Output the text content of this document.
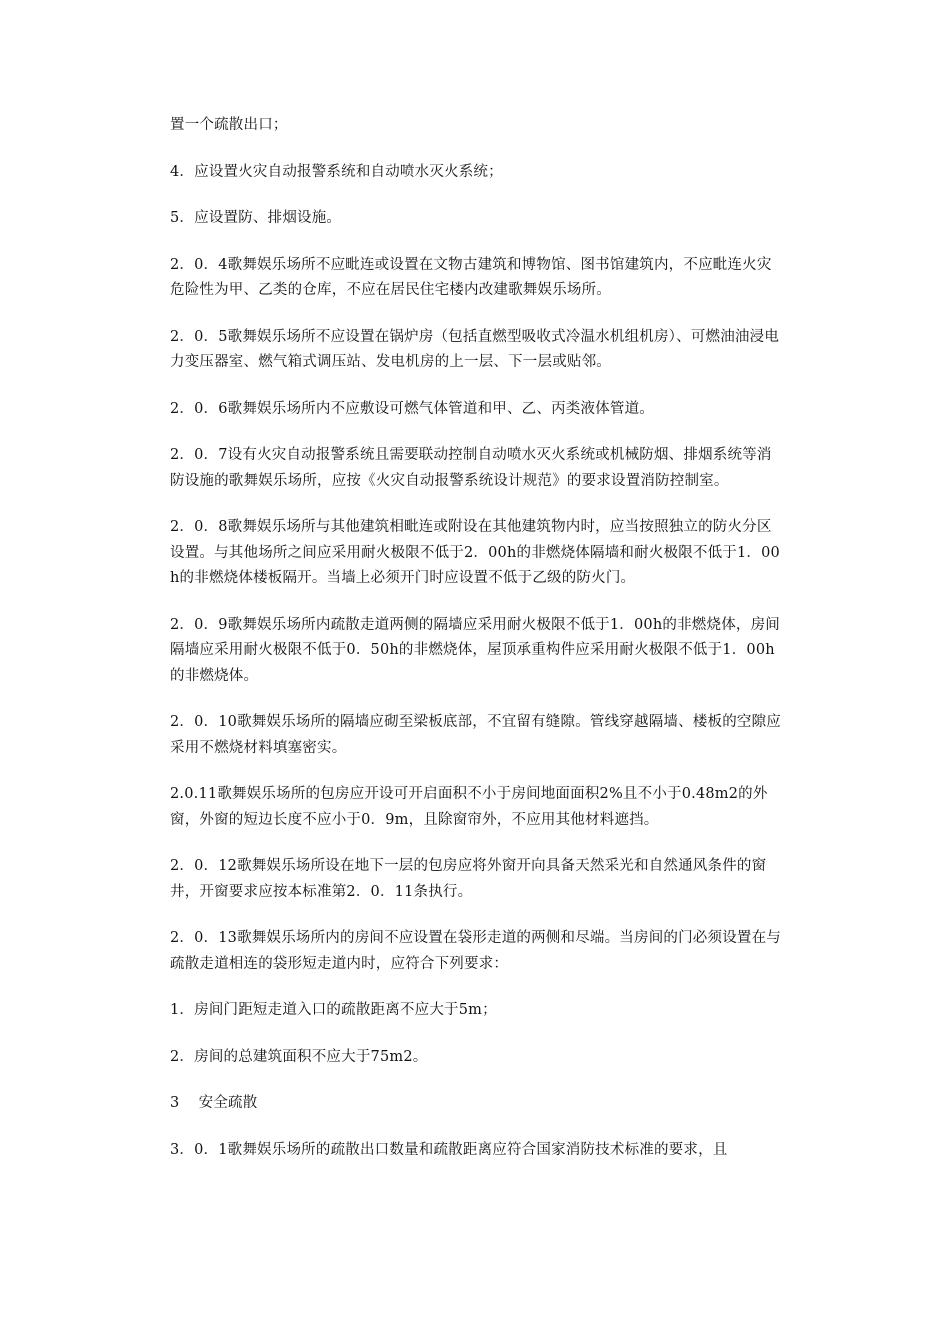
置一个疏散出口；

4．应设置火灾自动报警系统和自动喷水灭火系统；

5．应设置防、排烟设施。

2．0．4歌舞娱乐场所不应毗连或设置在文物古建筑和博物馆、图书馆建筑内，不应毗连火灾危险性为甲、乙类的仓库，不应在居民住宅楼内改建歌舞娱乐场所。

2．0．5歌舞娱乐场所不应设置在锅炉房（包括直燃型吸收式冷温水机组机房）、可燃油油浸电力变压器室、燃气箱式调压站、发电机房的上一层、下一层或贴邻。

2．0．6歌舞娱乐场所内不应敷设可燃气体管道和甲、乙、丙类液体管道。

2．0．7设有火灾自动报警系统且需要联动控制自动喷水灭火系统或机械防烟、排烟系统等消防设施的歌舞娱乐场所，应按《火灾自动报警系统设计规范》的要求设置消防控制室。

2．0．8歌舞娱乐场所与其他建筑相毗连或附设在其他建筑物内时，应当按照独立的防火分区设置。与其他场所之间应采用耐火极限不低于2．00h的非燃烧体隔墙和耐火极限不低于1．00h的非燃烧体楼板隔开。当墙上必须开门时应设置不低于乙级的防火门。

2．0．9歌舞娱乐场所内疏散走道两侧的隔墙应采用耐火极限不低于1．00h的非燃烧体，房间隔墙应采用耐火极限不低于0．50h的非燃烧体，屋顶承重构件应采用耐火极限不低于1．00h的非燃烧体。

2．0．10歌舞娱乐场所的隔墙应砌至梁板底部，不宜留有缝隙。管线穿越隔墙、楼板的空隙应采用不燃烧材料填塞密实。

2.0.11歌舞娱乐场所的包房应开设可开启面积不小于房间地面面积2%且不小于0.48m2的外窗，外窗的短边长度不应小于0．9m，且除窗帘外，不应用其他材料遮挡。

2．0．12歌舞娱乐场所设在地下一层的包房应将外窗开向具备天然采光和自然通风条件的窗井，开窗要求应按本标准第2．0．11条执行。

2．0．13歌舞娱乐场所内的房间不应设置在袋形走道的两侧和尽端。当房间的门必须设置在与疏散走道相连的袋形短走道内时，应符合下列要求：

1．房间门距短走道入口的疏散距离不应大于5m；

2．房间的总建筑面积不应大于75m2。

3    安全疏散

3．0．1歌舞娱乐场所的疏散出口数量和疏散距离应符合国家消防技术标准的要求，且
